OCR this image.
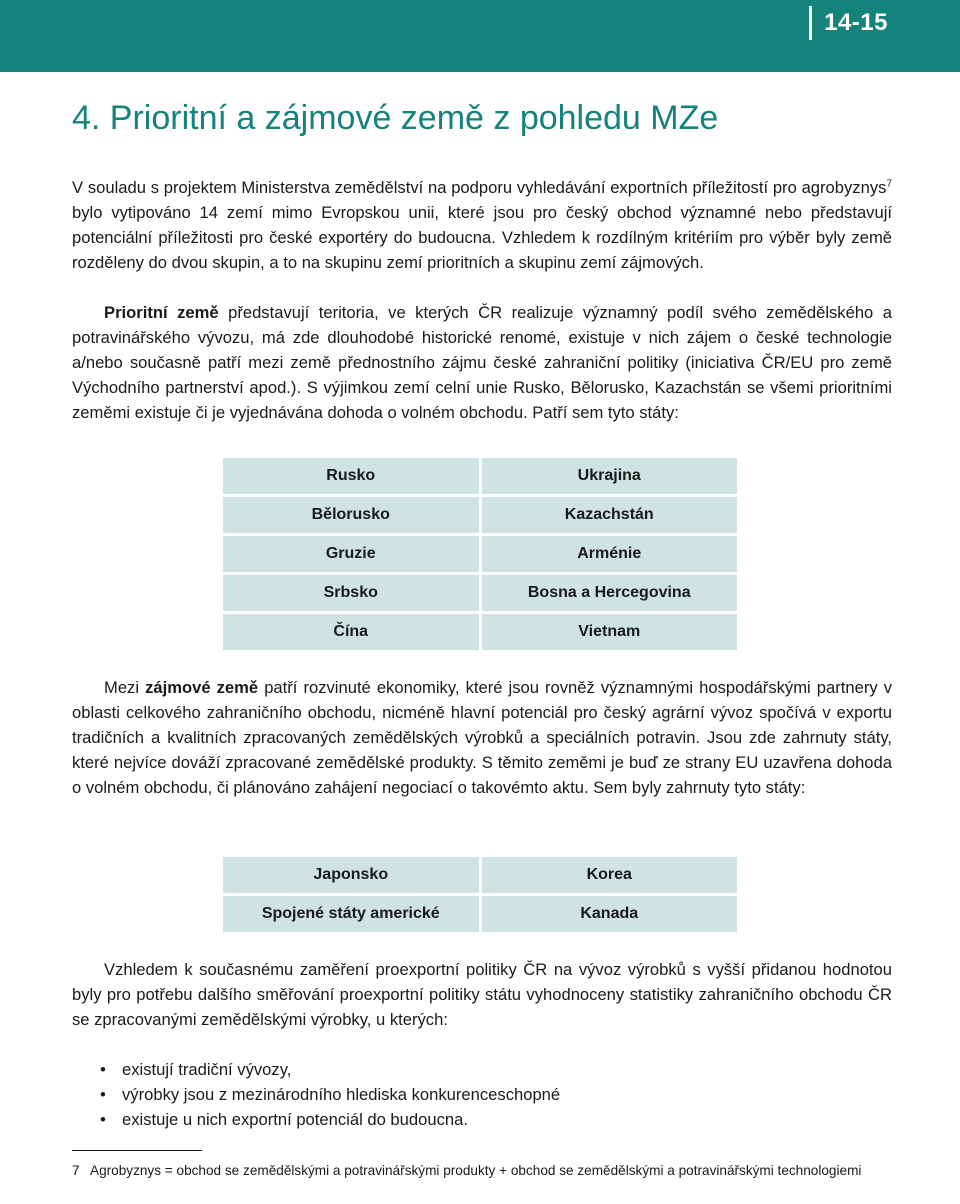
14-15
4. Prioritní a zájmové země z pohledu MZe

V souladu s projektem Ministerstva zemědělství na podporu vyhledávání exportních příležitostí pro agrobyznys$^7$ bylo vytipováno 14 zemí mimo Evropskou unii, které jsou pro český obchod významné nebo představují potenciální příležitosti pro české exportéry do budoucna. Vzhledem k rozdílným kritériím pro výběr byly země rozděleny do dvou skupin, a to na skupinu zemí prioritních a skupinu zemí zájmových.

Prioritní země představují teritoria, ve kterých ČR realizuje významný podíl svého zemědělského a potravinářského vývozu, má zde dlouhodobé historické renomé, existuje v nich zájem o české technologie a/nebo současně patří mezi země přednostního zájmu české zahraniční politiky (iniciativa ČR/EU pro země Východního partnerství apod.). S výjimkou zemí celní unie Rusko, Bělorusko, Kazachstán se všemi prioritními zeměmi existuje či je vyjednávána dohoda o volném obchodu. Patří sem tyto státy:

Rusko	Ukrajina
Bělorusko	Kazachstán
Gruzie	Arménie
Srbsko	Bosna a Hercegovina
Čína	Vietnam

Mezi zájmové země patří rozvinuté ekonomiky, které jsou rovněž významnými hospodářskými partnery v oblasti celkového zahraničního obchodu, nicméně hlavní potenciál pro český agrární vývoz spočívá v exportu tradičních a kvalitních zpracovaných zemědělských výrobků a speciálních potravin. Jsou zde zahrnuty státy, které nejvíce dováží zpracované zemědělské produkty. S těmito zeměmi je buď ze strany EU uzavřena dohoda o volném obchodu, či plánováno zahájení negociací o takovémto aktu. Sem byly zahrnuty tyto státy:

Japonsko	Korea
Spojené státy americké	Kanada

Vzhledem k současnému zaměření proexportní politiky ČR na vývoz výrobků s vyšší přidanou hodnotou byly pro potřebu dalšího směřování proexportní politiky státu vyhodnoceny statistiky zahraničního obchodu ČR se zpracovanými zemědělskými výrobky, u kterých:

• existují tradiční vývozy,
• výrobky jsou z mezinárodního hlediska konkurenceschopné
• existuje u nich exportní potenciál do budoucna.
7 Agrobyznys = obchod se zemědělskými a potravinářskými produkty + obchod se zemědělskými a potravinářskými technologiemi
